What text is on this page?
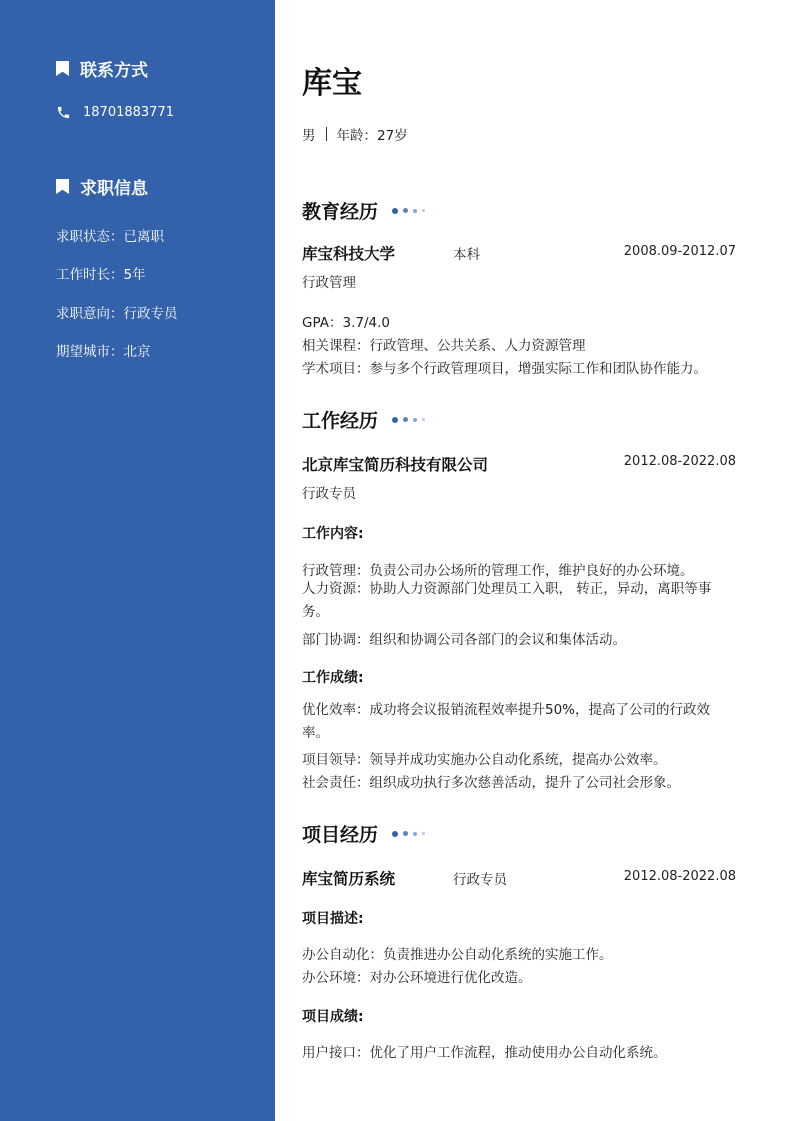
联系方式
18701883771
求职信息
求职状态：已离职
工作时长：5年
求职意向：行政专员
期望城市：北京
库宝
男 年龄：27岁
教育经历
库宝科技大学	本科	2008.09-2012.07
行政管理
GPA：3.7/4.0
相关课程：行政管理、公共关系、人力资源管理
学术项目：参与多个行政管理项目，增强实际工作和团队协作能力。
工作经历
北京库宝简历科技有限公司	2012.08-2022.08
行政专员
工作内容:
行政管理：负责公司办公场所的管理工作，维护良好的办公环境。
人力资源：协助人力资源部门处理员工入职， 转正，异动，离职等事务。
部门协调：组织和协调公司各部门的会议和集体活动。
工作成绩:
优化效率：成功将会议报销流程效率提升50%，提高了公司的行政效率。
项目领导：领导并成功实施办公自动化系统，提高办公效率。
社会责任：组织成功执行多次慈善活动，提升了公司社会形象。
项目经历
库宝简历系统	行政专员	2012.08-2022.08
项目描述:
办公自动化：负责推进办公自动化系统的实施工作。
办公环境：对办公环境进行优化改造。
项目成绩:
用户接口：优化了用户工作流程，推动使用办公自动化系统。
